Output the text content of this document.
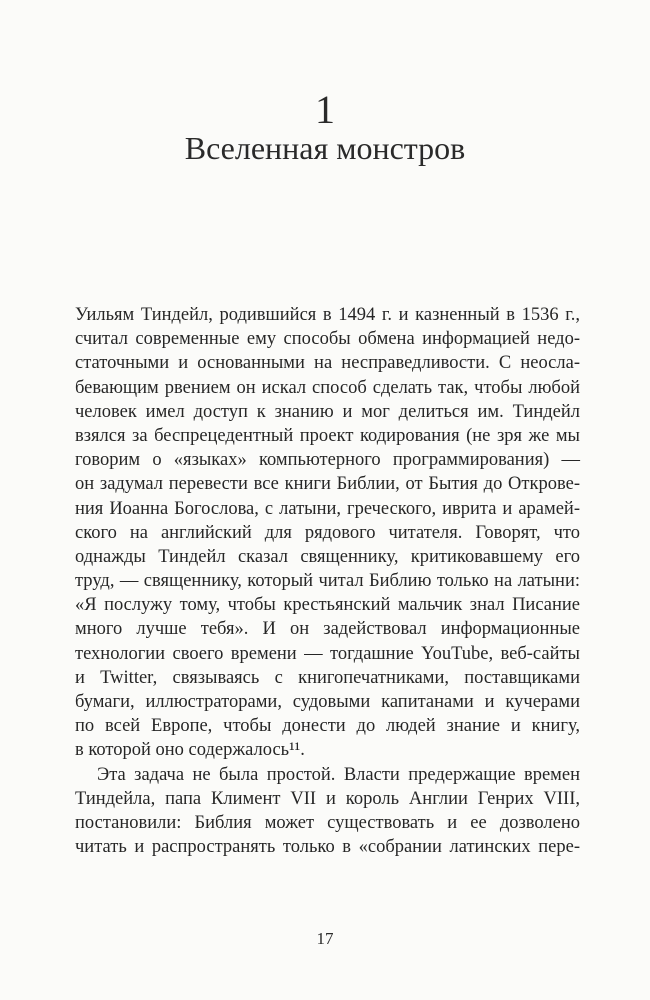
1
Вселенная монстров
Уильям Тиндейл, родившийся в 1494 г. и казненный в 1536 г.,
считал современные ему способы обмена информацией недо-
статочными и основанными на несправедливости. С неосла-
бевающим рвением он искал способ сделать так, чтобы любой
человек имел доступ к знанию и мог делиться им. Тиндейл
взялся за беспрецедентный проект кодирования (не зря же мы
говорим о «языках» компьютерного программирования) —
он задумал перевести все книги Библии, от Бытия до Открове-
ния Иоанна Богослова, с латыни, греческого, иврита и арамей-
ского на английский для рядового читателя. Говорят, что
однажды Тиндейл сказал священнику, критиковавшему его
труд, — священнику, который читал Библию только на латыни:
«Я послужу тому, чтобы крестьянский мальчик знал Писание
много лучше тебя». И он задействовал информационные
технологии своего времени — тогдашние YouTube, веб-сайты
и Twitter, связываясь с книгопечатниками, поставщиками
бумаги, иллюстраторами, судовыми капитанами и кучерами
по всей Европе, чтобы донести до людей знание и книгу,
в которой оно содержалось¹¹.
Эта задача не была простой. Власти предержащие времен
Тиндейла, папа Климент VII и король Англии Генрих VIII,
постановили: Библия может существовать и ее дозволено
читать и распространять только в «собрании латинских пере-
17
